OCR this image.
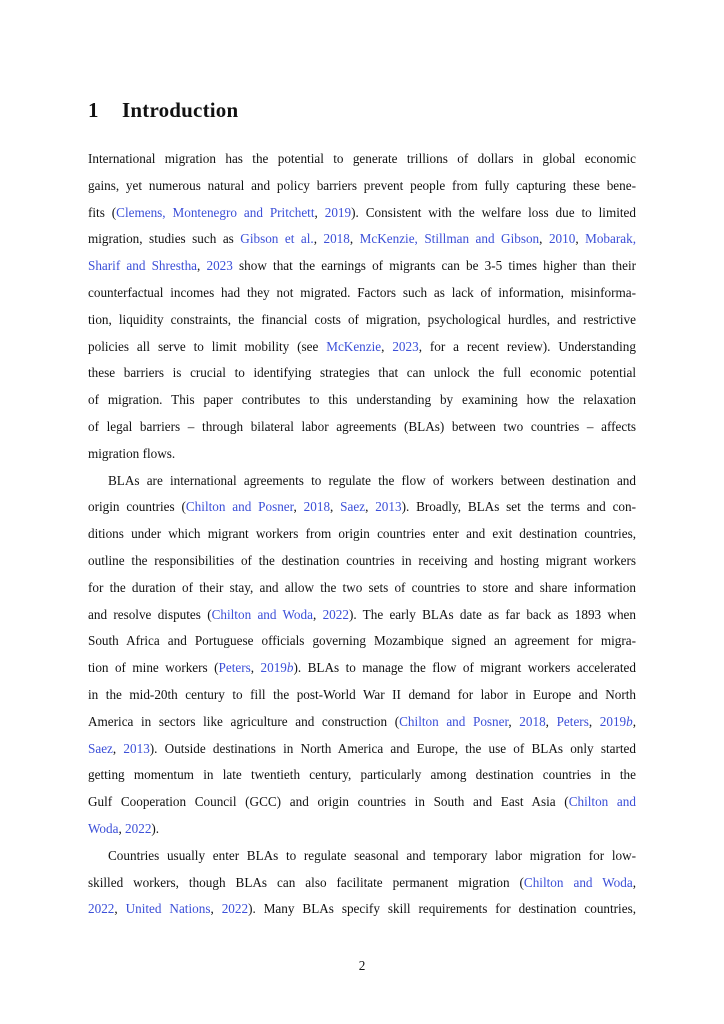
1 Introduction
International migration has the potential to generate trillions of dollars in global economic
gains, yet numerous natural and policy barriers prevent people from fully capturing these bene-
fits (Clemens, Montenegro and Pritchett, 2019). Consistent with the welfare loss due to limited
migration, studies such as Gibson et al., 2018, McKenzie, Stillman and Gibson, 2010, Mobarak,
Sharif and Shrestha, 2023 show that the earnings of migrants can be 3-5 times higher than their
counterfactual incomes had they not migrated. Factors such as lack of information, misinforma-
tion, liquidity constraints, the financial costs of migration, psychological hurdles, and restrictive
policies all serve to limit mobility (see McKenzie, 2023, for a recent review). Understanding
these barriers is crucial to identifying strategies that can unlock the full economic potential
of migration. This paper contributes to this understanding by examining how the relaxation
of legal barriers – through bilateral labor agreements (BLAs) between two countries – affects
migration flows.
BLAs are international agreements to regulate the flow of workers between destination and
origin countries (Chilton and Posner, 2018, Saez, 2013). Broadly, BLAs set the terms and con-
ditions under which migrant workers from origin countries enter and exit destination countries,
outline the responsibilities of the destination countries in receiving and hosting migrant workers
for the duration of their stay, and allow the two sets of countries to store and share information
and resolve disputes (Chilton and Woda, 2022). The early BLAs date as far back as 1893 when
South Africa and Portuguese officials governing Mozambique signed an agreement for migra-
tion of mine workers (Peters, 2019b). BLAs to manage the flow of migrant workers accelerated
in the mid-20th century to fill the post-World War II demand for labor in Europe and North
America in sectors like agriculture and construction (Chilton and Posner, 2018, Peters, 2019b,
Saez, 2013). Outside destinations in North America and Europe, the use of BLAs only started
getting momentum in late twentieth century, particularly among destination countries in the
Gulf Cooperation Council (GCC) and origin countries in South and East Asia (Chilton and
Woda, 2022).
Countries usually enter BLAs to regulate seasonal and temporary labor migration for low-
skilled workers, though BLAs can also facilitate permanent migration (Chilton and Woda,
2022, United Nations, 2022). Many BLAs specify skill requirements for destination countries,
2
